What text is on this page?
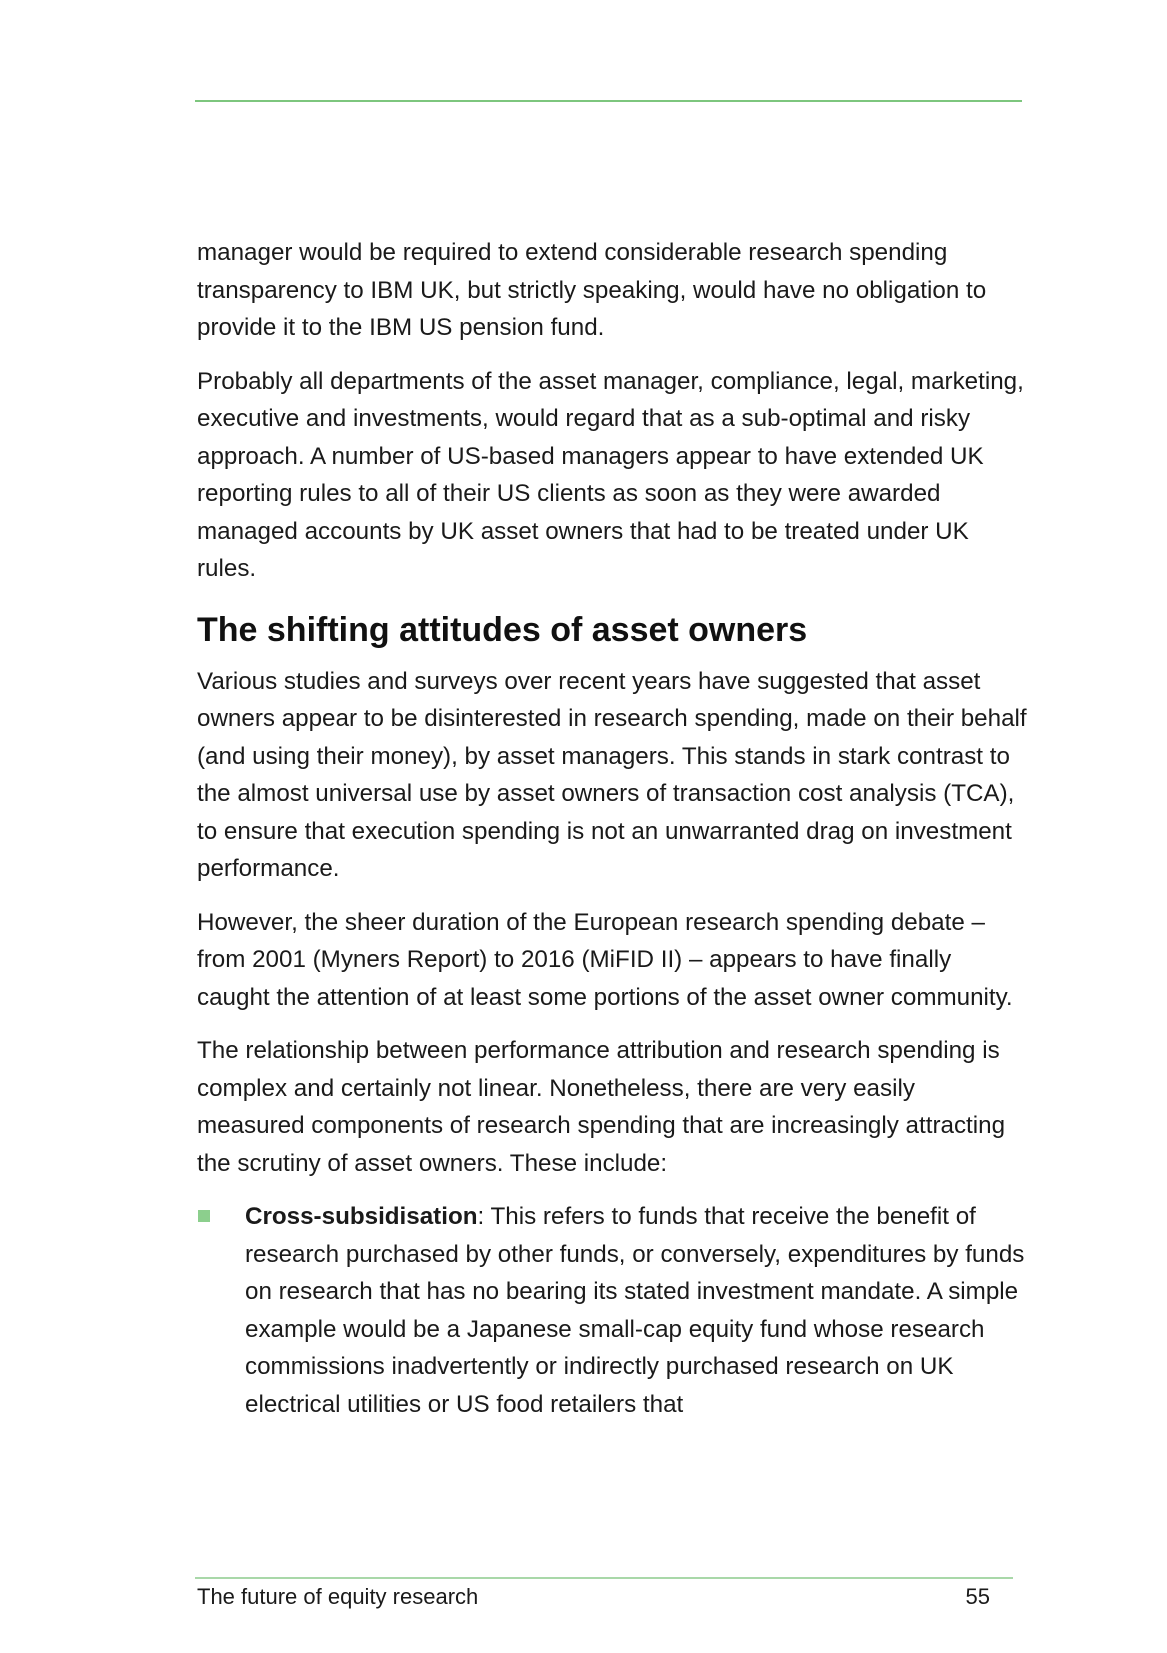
manager would be required to extend considerable research spending transparency to IBM UK, but strictly speaking, would have no obligation to provide it to the IBM US pension fund.

Probably all departments of the asset manager, compliance, legal, marketing, executive and investments, would regard that as a sub-optimal and risky approach. A number of US-based managers appear to have extended UK reporting rules to all of their US clients as soon as they were awarded managed accounts by UK asset owners that had to be treated under UK rules.

The shifting attitudes of asset owners

Various studies and surveys over recent years have suggested that asset owners appear to be disinterested in research spending, made on their behalf (and using their money), by asset managers. This stands in stark contrast to the almost universal use by asset owners of transaction cost analysis (TCA), to ensure that execution spending is not an unwarranted drag on investment performance.

However, the sheer duration of the European research spending debate – from 2001 (Myners Report) to 2016 (MiFID II) – appears to have finally caught the attention of at least some portions of the asset owner community.

The relationship between performance attribution and research spending is complex and certainly not linear. Nonetheless, there are very easily measured components of research spending that are increasingly attracting the scrutiny of asset owners. These include:

Cross-subsidisation: This refers to funds that receive the benefit of research purchased by other funds, or conversely, expenditures by funds on research that has no bearing its stated investment mandate. A simple example would be a Japanese small-cap equity fund whose research commissions inadvertently or indirectly purchased research on UK electrical utilities or US food retailers that
The future of equity research	55
